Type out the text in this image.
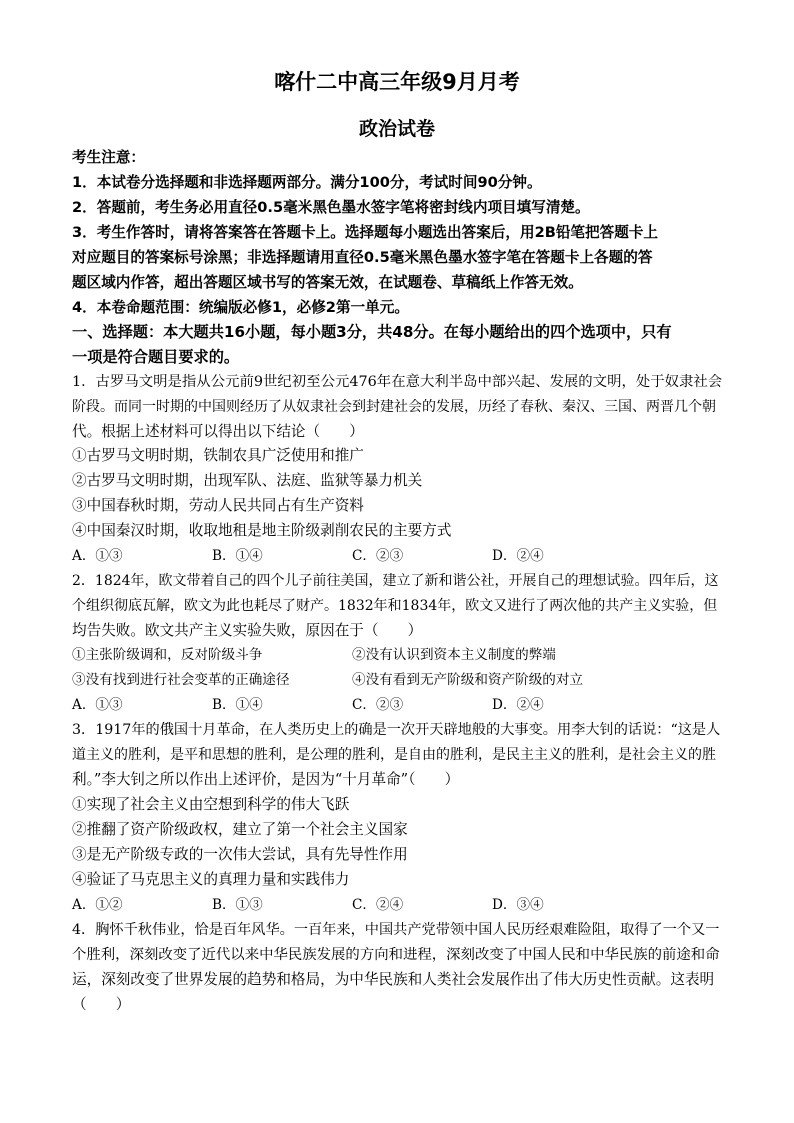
喀什二中高三年级9月月考
政治试卷
考生注意：
1．本试卷分选择题和非选择题两部分。满分100分，考试时间90分钟。
2．答题前，考生务必用直径0.5毫米黑色墨水签字笔将密封线内项目填写清楚。
3．考生作答时，请将答案答在答题卡上。选择题每小题选出答案后，用2B铅笔把答题卡上
对应题目的答案标号涂黑；非选择题请用直径0.5毫米黑色墨水签字笔在答题卡上各题的答
题区域内作答，超出答题区域书写的答案无效，在试题卷、草稿纸上作答无效。
4．本卷命题范围：统编版必修1，必修2第一单元。
一、选择题：本大题共16小题，每小题3分，共48分。在每小题给出的四个选项中，只有
一项是符合题目要求的。
1．古罗马文明是指从公元前9世纪初至公元476年在意大利半岛中部兴起、发展的文明，处于奴隶社会
阶段。而同一时期的中国则经历了从奴隶社会到封建社会的发展，历经了春秋、秦汉、三国、两晋几个朝
代。根据上述材料可以得出以下结论（　　）
①古罗马文明时期，铁制农具广泛使用和推广
②古罗马文明时期，出现军队、法庭、监狱等暴力机关
③中国春秋时期，劳动人民共同占有生产资料
④中国秦汉时期，收取地租是地主阶级剥削农民的主要方式
A．①③	B．①④	C．②③	D．②④
2．1824年，欧文带着自己的四个儿子前往美国，建立了新和谐公社，开展自己的理想试验。四年后，这
个组织彻底瓦解，欧文为此也耗尽了财产。1832年和1834年，欧文又进行了两次他的共产主义实验，但
均告失败。欧文共产主义实验失败，原因在于（　　）
①主张阶级调和，反对阶级斗争	②没有认识到资本主义制度的弊端
③没有找到进行社会变革的正确途径	④没有看到无产阶级和资产阶级的对立
A．①③	B．①④	C．②③	D．②④
3．1917年的俄国十月革命，在人类历史上的确是一次开天辟地般的大事变。用李大钊的话说：“这是人
道主义的胜利，是平和思想的胜利，是公理的胜利，是自由的胜利，是民主主义的胜利，是社会主义的胜
利。”李大钊之所以作出上述评价，是因为“十月革命”（　　）
①实现了社会主义由空想到科学的伟大飞跃
②推翻了资产阶级政权，建立了第一个社会主义国家
③是无产阶级专政的一次伟大尝试，具有先导性作用
④验证了马克思主义的真理力量和实践伟力
A．①②	B．①③	C．②④	D．③④
4．胸怀千秋伟业，恰是百年风华。一百年来，中国共产党带领中国人民历经艰难险阻，取得了一个又一
个胜利，深刻改变了近代以来中华民族发展的方向和进程，深刻改变了中国人民和中华民族的前途和命
运，深刻改变了世界发展的趋势和格局，为中华民族和人类社会发展作出了伟大历史性贡献。这表明
（　　）
